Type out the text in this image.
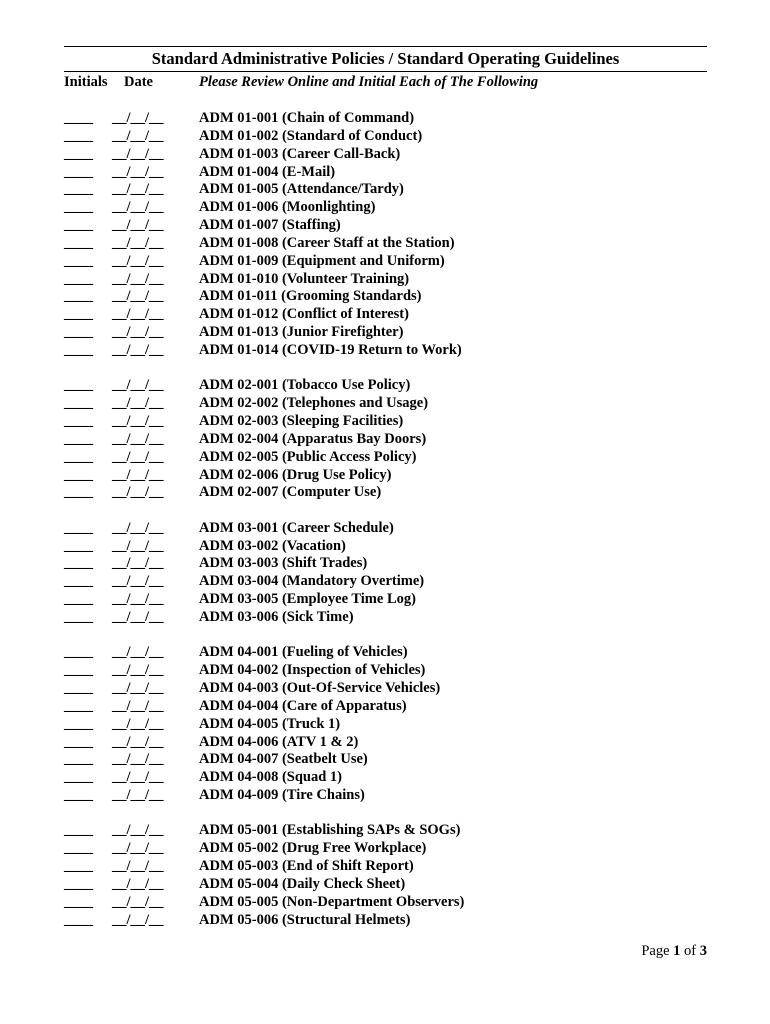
Standard Administrative Policies / Standard Operating Guidelines
Initials Date	Please Review Online and Initial Each of The Following
____ __/__/__ ADM 01-001 (Chain of Command)
____ __/__/__ ADM 01-002 (Standard of Conduct)
____ __/__/__ ADM 01-003 (Career Call-Back)
____ __/__/__ ADM 01-004 (E-Mail)
____ __/__/__ ADM 01-005 (Attendance/Tardy)
____ __/__/__ ADM 01-006 (Moonlighting)
____ __/__/__ ADM 01-007 (Staffing)
____ __/__/__ ADM 01-008 (Career Staff at the Station)
____ __/__/__ ADM 01-009 (Equipment and Uniform)
____ __/__/__ ADM 01-010 (Volunteer Training)
____ __/__/__ ADM 01-011 (Grooming Standards)
____ __/__/__ ADM 01-012 (Conflict of Interest)
____ __/__/__ ADM 01-013 (Junior Firefighter)
____ __/__/__ ADM 01-014 (COVID-19 Return to Work)
____ __/__/__ ADM 02-001 (Tobacco Use Policy)
____ __/__/__ ADM 02-002 (Telephones and Usage)
____ __/__/__ ADM 02-003 (Sleeping Facilities)
____ __/__/__ ADM 02-004 (Apparatus Bay Doors)
____ __/__/__ ADM 02-005 (Public Access Policy)
____ __/__/__ ADM 02-006 (Drug Use Policy)
____ __/__/__ ADM 02-007 (Computer Use)
____ __/__/__ ADM 03-001 (Career Schedule)
____ __/__/__ ADM 03-002 (Vacation)
____ __/__/__ ADM 03-003 (Shift Trades)
____ __/__/__ ADM 03-004 (Mandatory Overtime)
____ __/__/__ ADM 03-005 (Employee Time Log)
____ __/__/__ ADM 03-006 (Sick Time)
____ __/__/__ ADM 04-001 (Fueling of Vehicles)
____ __/__/__ ADM 04-002 (Inspection of Vehicles)
____ __/__/__ ADM 04-003 (Out-Of-Service Vehicles)
____ __/__/__ ADM 04-004 (Care of Apparatus)
____ __/__/__ ADM 04-005 (Truck 1)
____ __/__/__ ADM 04-006 (ATV 1 & 2)
____ __/__/__ ADM 04-007 (Seatbelt Use)
____ __/__/__ ADM 04-008 (Squad 1)
____ __/__/__ ADM 04-009 (Tire Chains)
____ __/__/__ ADM 05-001 (Establishing SAPs & SOGs)
____ __/__/__ ADM 05-002 (Drug Free Workplace)
____ __/__/__ ADM 05-003 (End of Shift Report)
____ __/__/__ ADM 05-004 (Daily Check Sheet)
____ __/__/__ ADM 05-005 (Non-Department Observers)
____ __/__/__ ADM 05-006 (Structural Helmets)
Page 1 of 3
